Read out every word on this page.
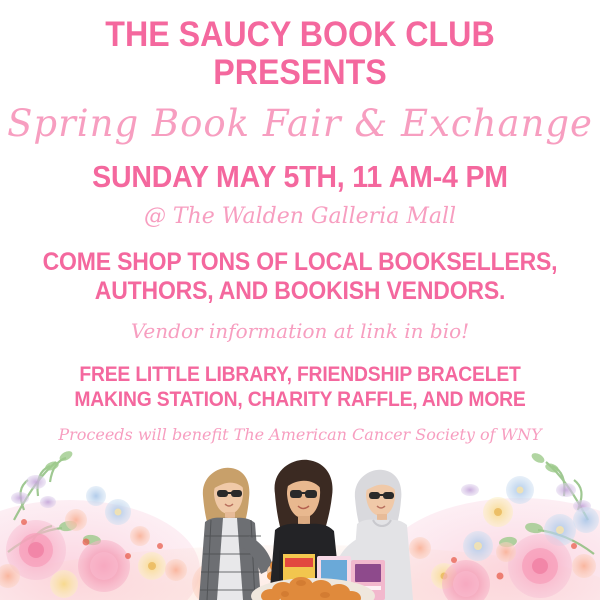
THE SAUCY BOOK CLUB PRESENTS

Spring Book Fair & Exchange

SUNDAY MAY 5TH, 11 AM-4 PM

@ The Walden Galleria Mall

COME SHOP TONS OF LOCAL BOOKSELLERS,

AUTHORS, AND BOOKISH VENDORS.

Vendor information at link in bio!

FREE LITTLE LIBRARY, FRIENDSHIP BRACELET

MAKING STATION, CHARITY RAFFLE, AND MORE

Proceeds will benefit The American Cancer Society of WNY
